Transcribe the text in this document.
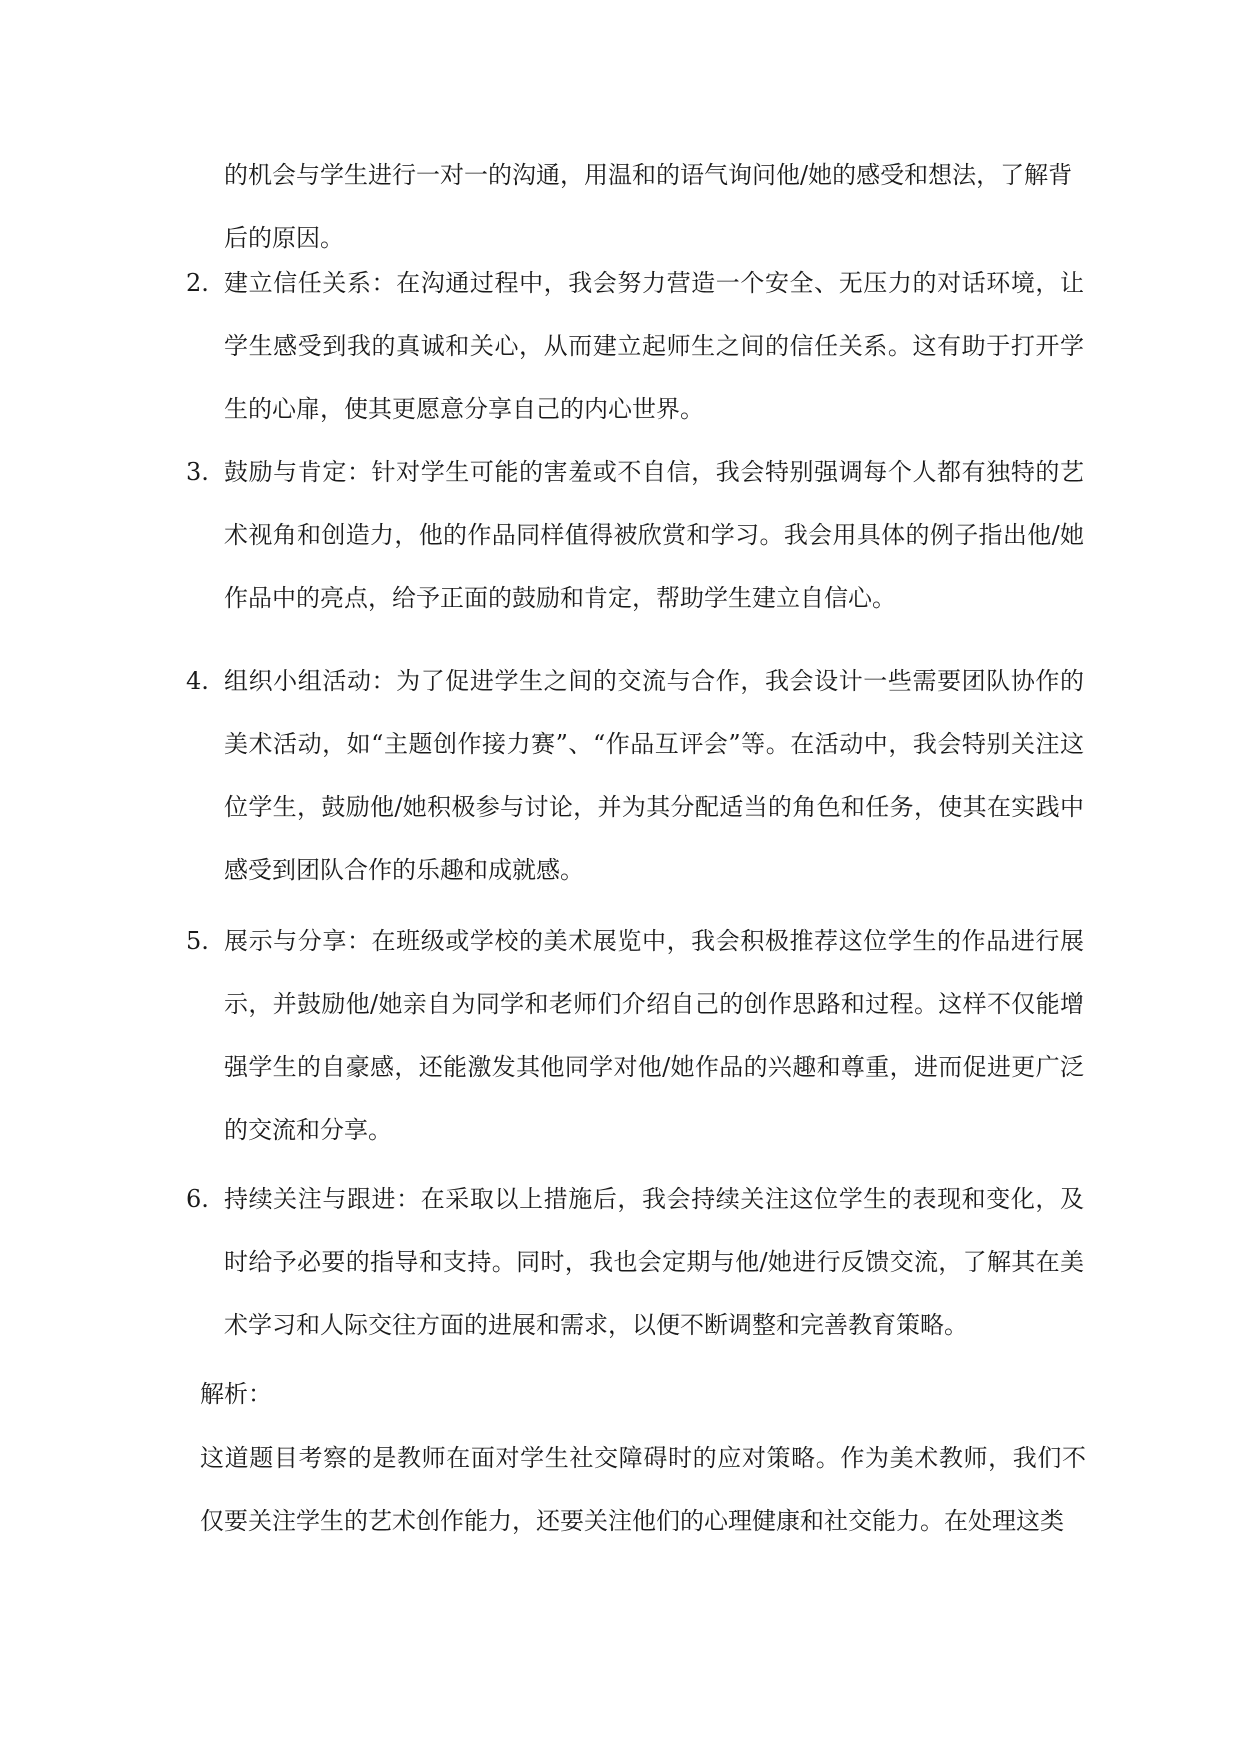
的机会与学生进行一对一的沟通，用温和的语气询问他/她的感受和想法，了解背后的原因。

2. 建立信任关系：在沟通过程中，我会努力营造一个安全、无压力的对话环境，让学生感受到我的真诚和关心，从而建立起师生之间的信任关系。这有助于打开学生的心扉，使其更愿意分享自己的内心世界。

3. 鼓励与肯定：针对学生可能的害羞或不自信，我会特别强调每个人都有独特的艺术视角和创造力，他的作品同样值得被欣赏和学习。我会用具体的例子指出他/她作品中的亮点，给予正面的鼓励和肯定，帮助学生建立自信心。

4. 组织小组活动：为了促进学生之间的交流与合作，我会设计一些需要团队协作的美术活动，如“主题创作接力赛”、“作品互评会”等。在活动中，我会特别关注这位学生，鼓励他/她积极参与讨论，并为其分配适当的角色和任务，使其在实践中感受到团队合作的乐趣和成就感。

5. 展示与分享：在班级或学校的美术展览中，我会积极推荐这位学生的作品进行展示，并鼓励他/她亲自为同学和老师们介绍自己的创作思路和过程。这样不仅能增强学生的自豪感，还能激发其他同学对他/她作品的兴趣和尊重，进而促进更广泛的交流和分享。

6. 持续关注与跟进：在采取以上措施后，我会持续关注这位学生的表现和变化，及时给予必要的指导和支持。同时，我也会定期与他/她进行反馈交流，了解其在美术学习和人际交往方面的进展和需求，以便不断调整和完善教育策略。

解析：

这道题目考察的是教师在面对学生社交障碍时的应对策略。作为美术教师，我们不仅要关注学生的艺术创作能力，还要关注他们的心理健康和社交能力。在处理这类
